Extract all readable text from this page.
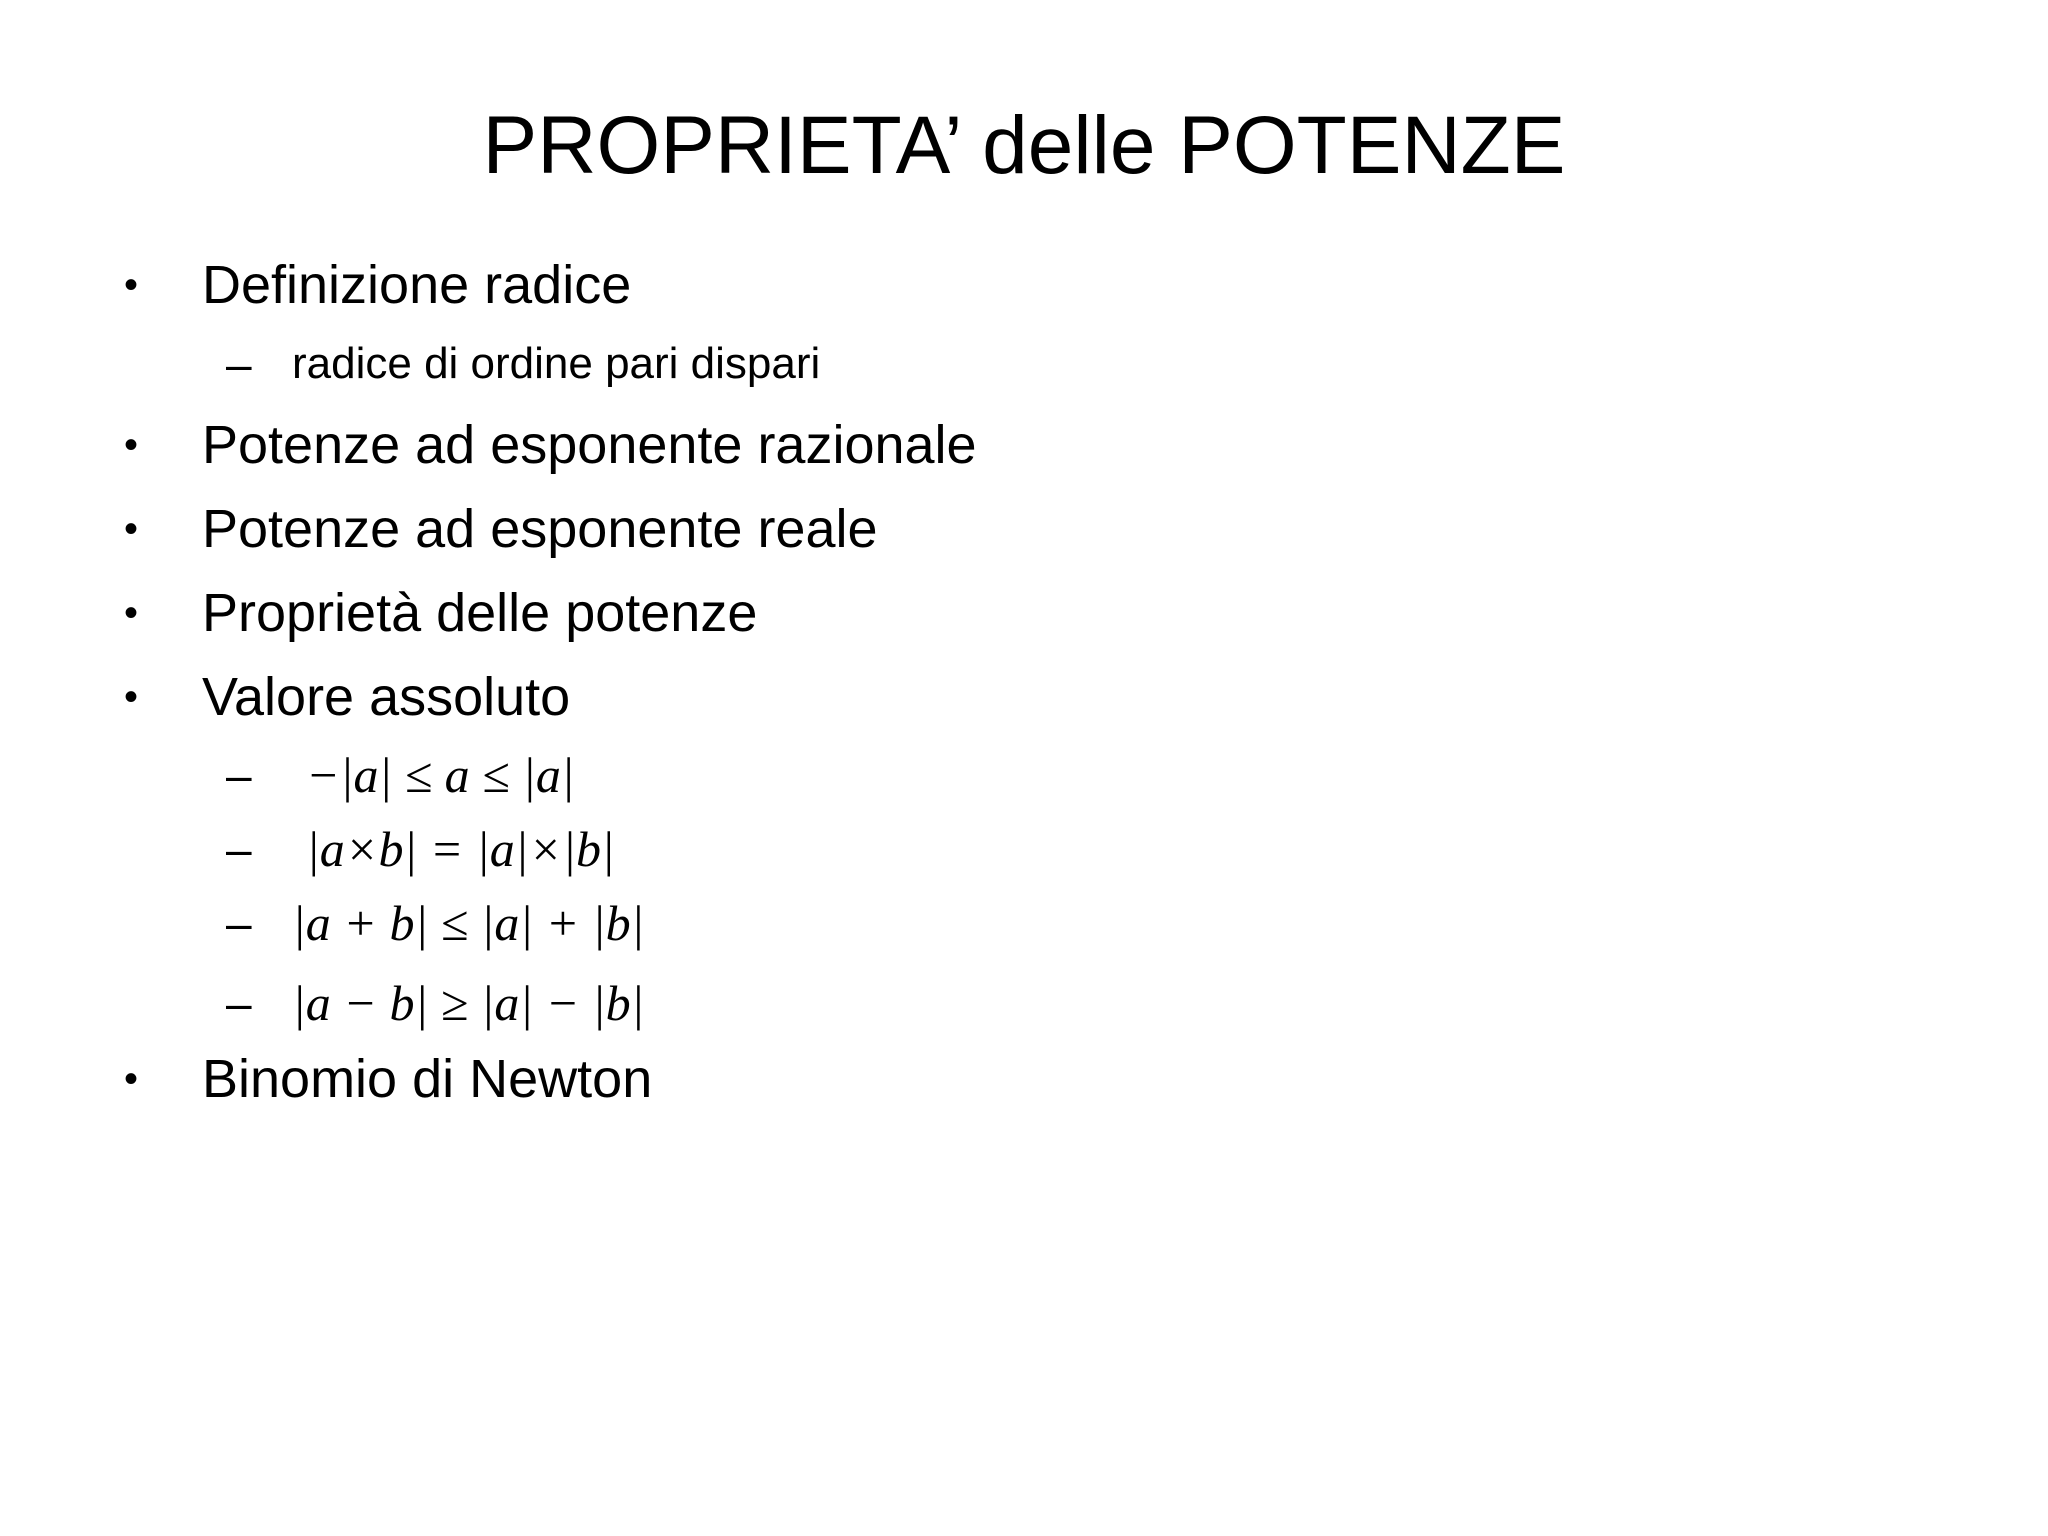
PROPRIETA’ delle POTENZE
• Definizione radice
– radice di ordine pari dispari
• Potenze ad esponente razionale
• Potenze ad esponente reale
• Proprietà delle potenze
• Valore assoluto
– −|a| ≤ a ≤ |a|
– |a×b| = |a|×|b|
– |a + b| ≤ |a| + |b|
– |a − b| ≥ |a| − |b|
• Binomio di Newton
